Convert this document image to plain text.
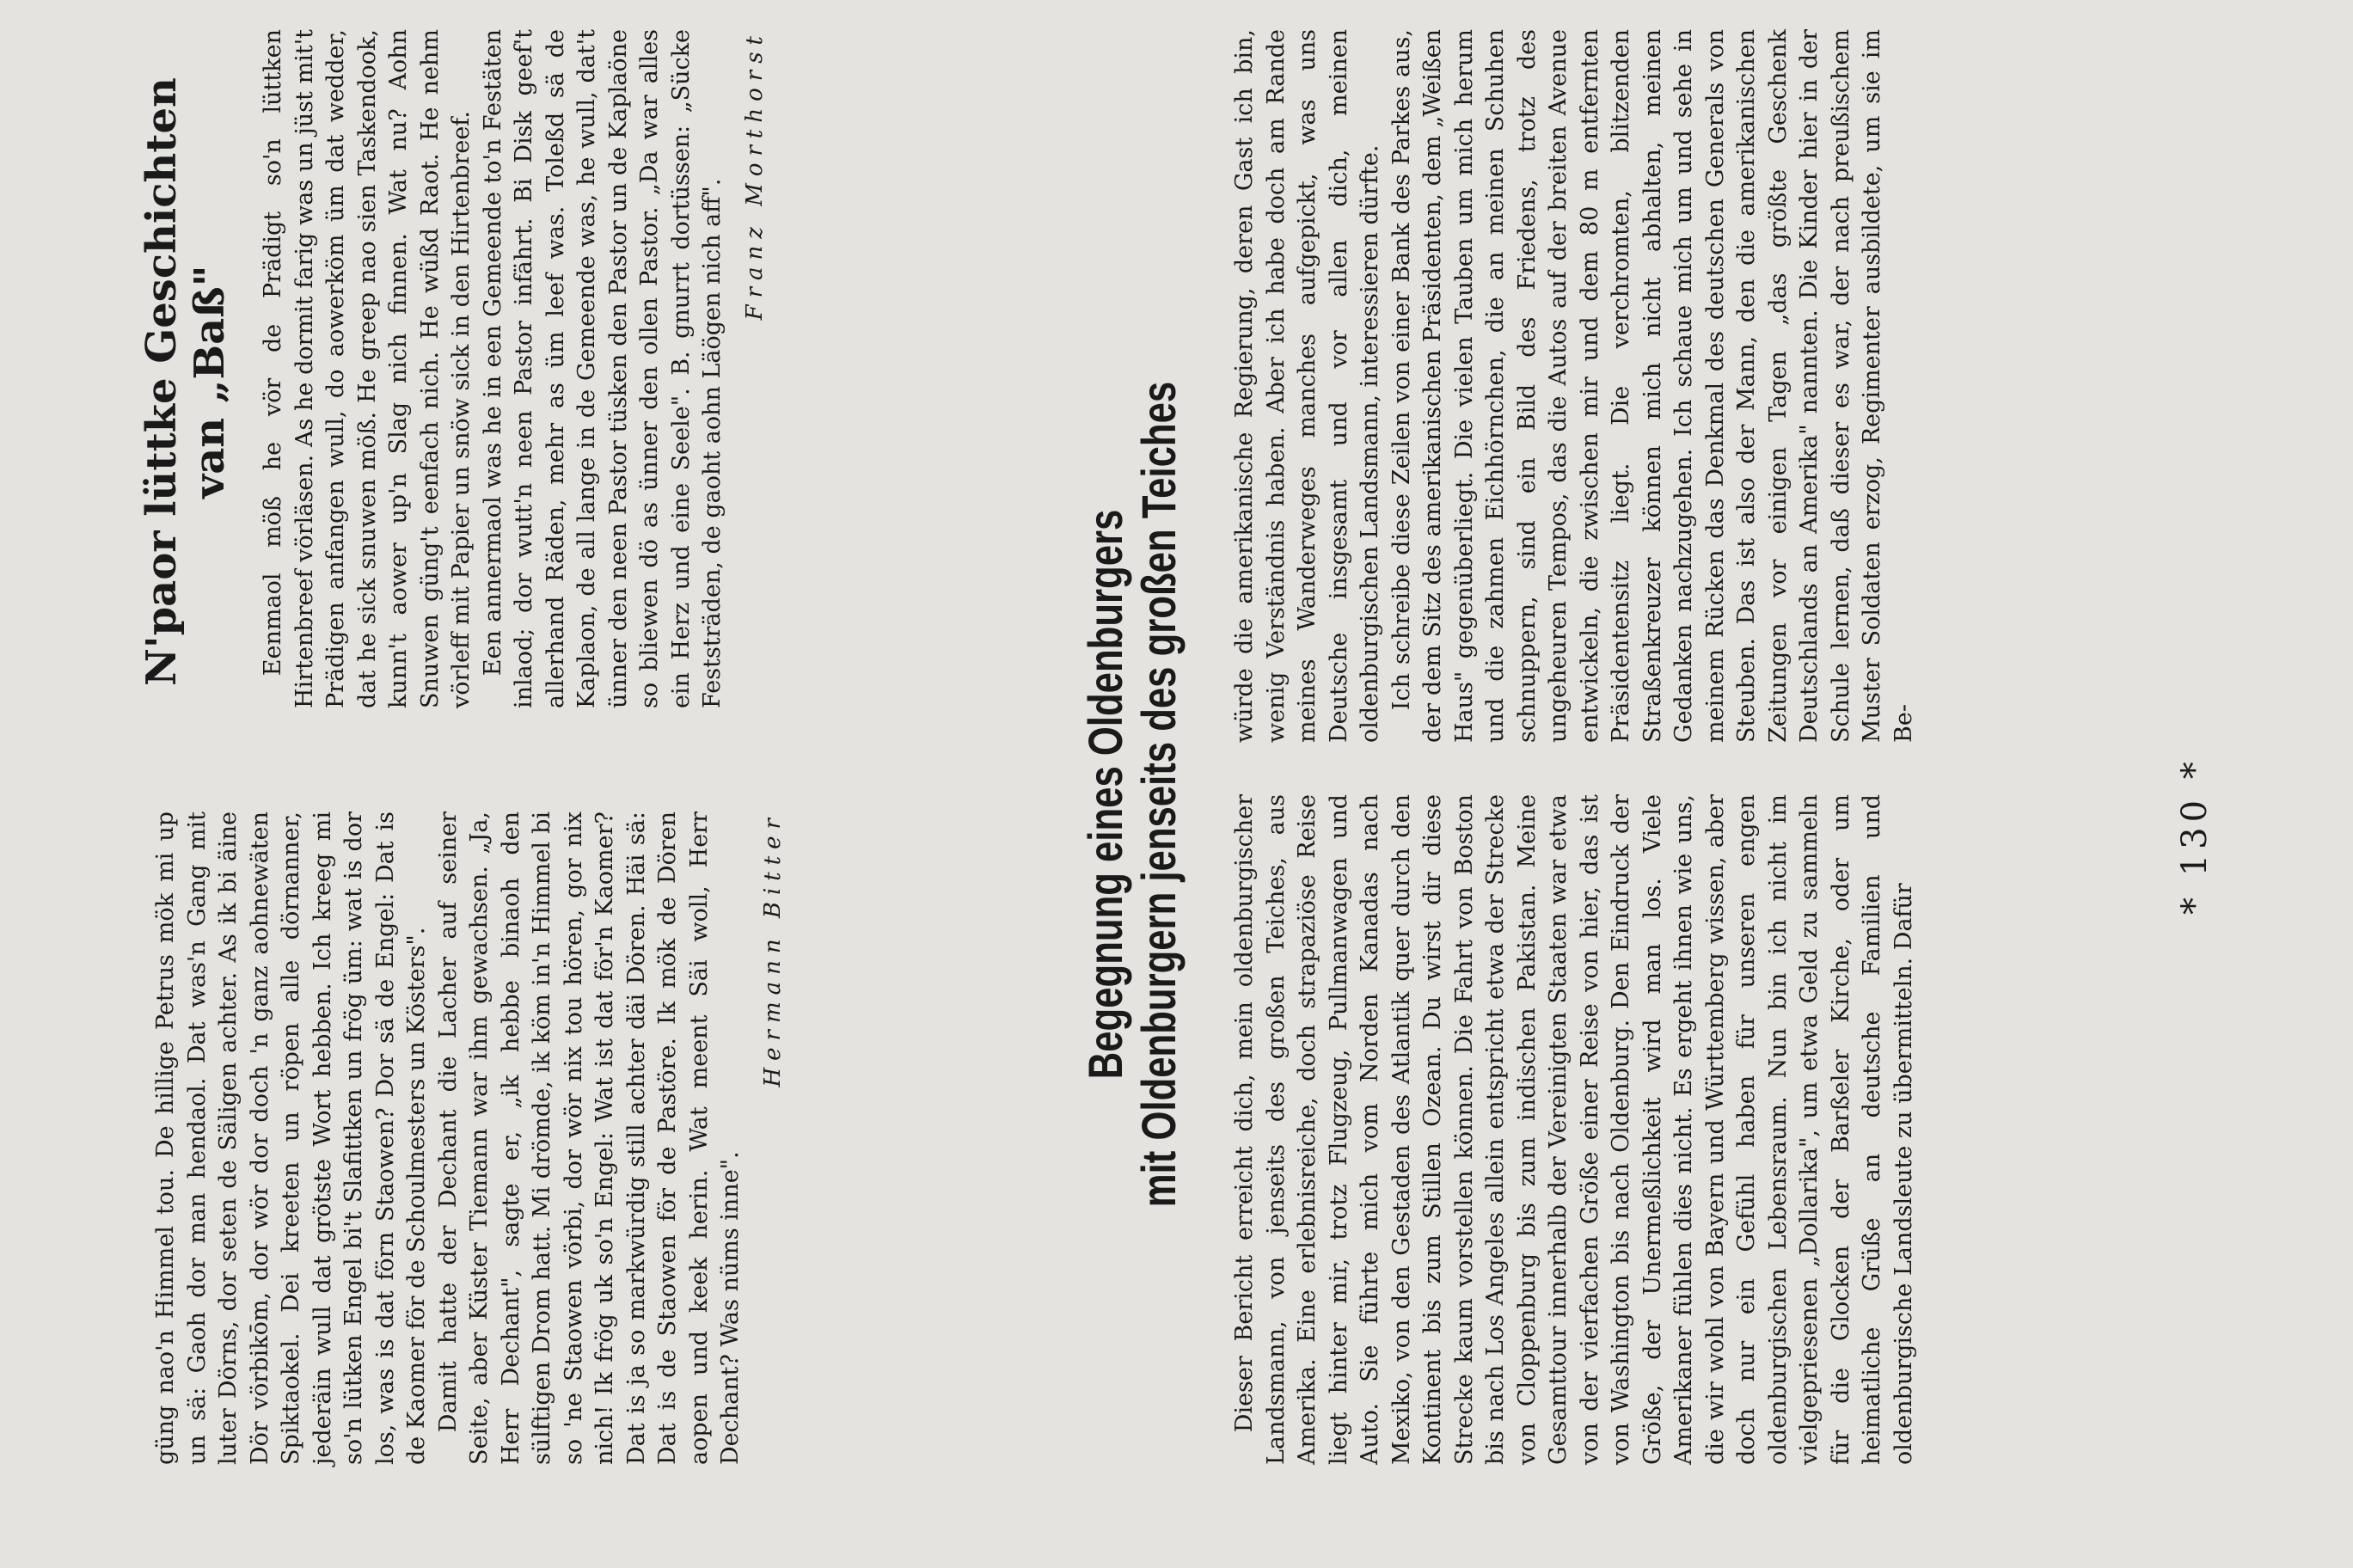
güng nao'n Himmel tou. De hillige Petrus mök mi up un sä: Gaoh dor man hendaol. Dat was'n Gang mit luter Dörns, dor seten de Säligen achter. As ik bi äine Dör vörbikōm, dor wör dor doch 'n ganz aohnewäten Spiktaokel. Dei kreeten un röpen alle dörnanner, jederäin wull dat grötste Wort hebben. Ich kreeg mi so'n lütken Engel bi't Slafittken un frög üm: wat is dor los, was is dat förn Staowen? Dor sä de Engel: Dat is de Kaomer för de Schoulmesters un Kösters". Damit hatte der Dechant die Lacher auf seiner Seite, aber Küster Tiemann war ihm gewachsen. „Ja, Herr Dechant", sagte er, „ik hebbe binaoh den sülftigen Drom hatt. Mi drömde, ik köm in'n Himmel bi so 'ne Staowen vörbi, dor wör nix tou hören, gor nix nich! Ik frög uk so'n Engel: Wat ist dat för'n Kaomer? Dat is ja so markwürdig still achter däi Dören. Häi sä: Dat is de Staowen för de Pastöre. Ik mök de Dören aopen und keek herin. Wat meent Säi woll, Herr Dechant? Was nüms inne".

Hermann Bitter
N'paor lüttke Geschichten van „Baß" Eenmaol möß he vör de Prädigt so'n lüttken Hirtenbreef vörläsen. As he dormit farig was un jüst mit't Prädigen anfangen wull, do aowerköm üm dat wedder, dat he sick snuwen möß. He greep nao sien Taskendook, kunn't aower up'n Slag nich finnen. Wat nu? Aohn Snuwen güng't eenfach nich. He wüßd Raot. He nehm vörleff mit Papier un snöw sick in den Hirtenbreef. Een annermaol was he in een Gemeende to'n Festäten inlaod; dor wutt'n neen Pastor infährt. Bi Disk geef't allerhand Räden, mehr as üm leef was. Toleßd sä de Kaplaon, de all lange in de Gemeende was, he wull, dat't ünner den neen Pastor tüsken den Pastor un de Kaplaöne so bliewen dö as ünner den ollen Pastor. „Da war alles ein Herz und eine Seele". B. gnurrt dortüssen: „Sücke Feststräden, de gaoht aohn Läögen nich aff".

Franz Morthorst
Begegnung eines Oldenburgers mit Oldenburgern jenseits des großen Teiches Dieser Bericht erreicht dich, mein oldenburgischer Landsmann, von jenseits des großen Teiches, aus Amerika. Eine erlebnisreiche, doch strapaziöse Reise liegt hinter mir, trotz Flugzeug, Pullmanwagen und Auto. Sie führte mich vom Norden Kanadas nach Mexiko, von den Gestaden des Atlantik quer durch den Kontinent bis zum Stillen Ozean. Du wirst dir diese Strecke kaum vorstellen können. Die Fahrt von Boston bis nach Los Angeles allein entspricht etwa der Strecke von Cloppenburg bis zum indischen Pakistan. Meine Gesamttour innerhalb der Vereinigten Staaten war etwa von der vierfachen Größe einer Reise von hier, das ist von Washington bis nach Oldenburg. Den Eindruck der Größe, der Unermeßlichkeit wird man los. Viele Amerikaner fühlen dies nicht. Es ergeht ihnen wie uns, die wir wohl von Bayern und Württemberg wissen, aber doch nur ein Gefühl haben für unseren engen oldenburgischen Lebensraum. Nun bin ich nicht im vielgepriesenen „Dollarika", um etwa Geld zu sammeln für die Glocken der Barßeler Kirche, oder um heimatliche Grüße an deutsche Familien und oldenburgische Landsleute zu übermitteln. Dafür

würde die amerikanische Regierung, deren Gast ich bin, wenig Verständnis haben. Aber ich habe doch am Rande meines Wanderweges manches aufgepickt, was uns Deutsche insgesamt und vor allen dich, meinen oldenburgischen Landsmann, interessieren dürfte. Ich schreibe diese Zeilen von einer Bank des Parkes aus, der dem Sitz des amerikanischen Präsidenten, dem „Weißen Haus" gegenüberliegt. Die vielen Tauben um mich herum und die zahmen Eichhörnchen, die an meinen Schuhen schnuppern, sind ein Bild des Friedens, trotz des ungeheuren Tempos, das die Autos auf der breiten Avenue entwickeln, die zwischen mir und dem 80 m entfernten Präsidentensitz liegt. Die verchromten, blitzenden Straßenkreuzer können mich nicht abhalten, meinen Gedanken nachzugehen. Ich schaue mich um und sehe in meinem Rücken das Denkmal des deutschen Generals von Steuben. Das ist also der Mann, den die amerikanischen Zeitungen vor einigen Tagen „das größte Geschenk Deutschlands an Amerika" nannten. Die Kinder hier in der Schule lernen, daß dieser es war, der nach preußischem Muster Soldaten erzog, Regimenter ausbildete, um sie im Be-

* 130 *
